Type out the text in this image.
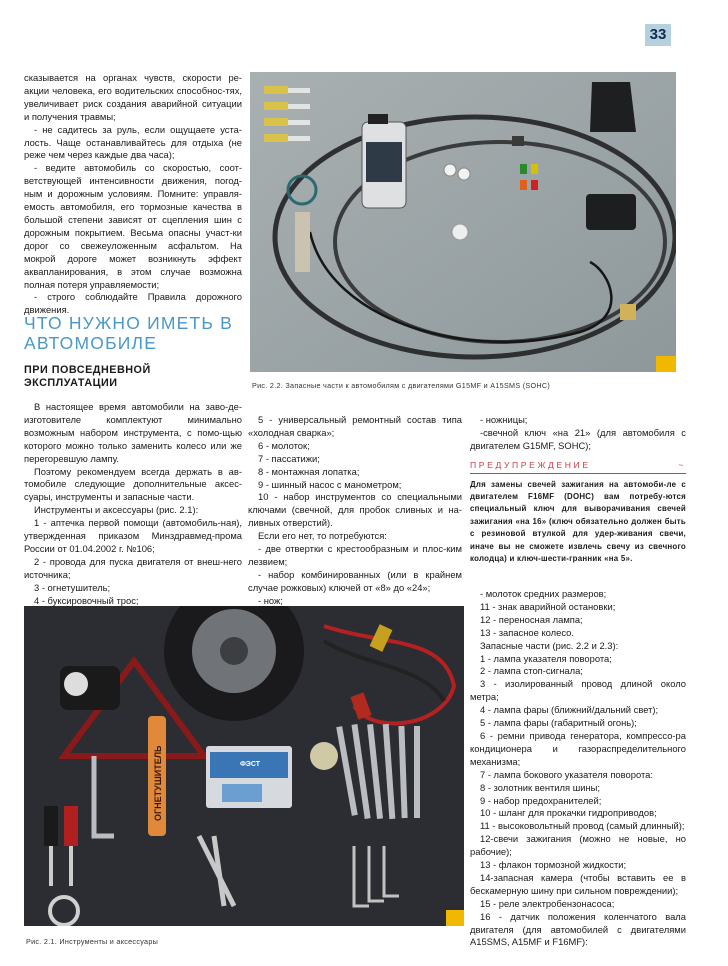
33

сказывается на органах чувств, скорости ре-акции человека, его водительских способнос-тях, увеличивает риск создания аварийной ситуации и получения травмы;

- не садитесь за руль, если ощущаете уста-лость. Чаще останавливайтесь для отдыха (не реже чем через каждые два часа);

- ведите автомобиль со скоростью, соот-ветствующей интенсивности движения, погод-ным и дорожным условиям. Помните: управля-емость автомобиля, его тормозные качества в большой степени зависят от сцепления шин с дорожным покрытием. Весьма опасны участ-ки дорог со свежеуложенным асфальтом. На мокрой дороге может возникнуть эффект аквапланирования, в этом случае возможна полная потеря управляемости;

- строго соблюдайте Правила дорожного движения.

ЧТО НУЖНО ИМЕТЬ В АВТОМОБИЛЕ
ПРИ ПОВСЕДНЕВНОЙ ЭКСПЛУАТАЦИИ

В настоящее время автомобили на заво-де-изготовителе комплектуют минимально возможным набором инструмента, с помо-щью которого можно только заменить колесо или же перегоревшую лампу.

Поэтому рекомендуем всегда держать в ав-томобиле следующие дополнительные аксес-суары, инструменты и запасные части.

Инструменты и аксессуары (рис. 2.1):

1 - аптечка первой помощи (автомобиль-ная), утвержденная приказом Минздравмед-прома России от 01.04.2002 г. №106;

2 - провода для пуска двигателя от внеш-него источника;

3 - огнетушитель;

4 - буксировочный трос;

5 - универсальный ремонтный состав типа «холодная сварка»;

6 - молоток;

7 - пассатижи;

8 - монтажная лопатка;

9 - шинный насос с манометром;

10 - набор инструментов со специальными ключами (свечной, для пробок сливных и на-ливных отверстий).

Если его нет, то потребуются:

- две отвертки с крестообразным и плос-ким лезвием;

- набор комбинированных (или в крайнем случае рожковых) ключей от «8» до «24»;

- нож;

- ножницы;

-свечной ключ «на 21» (для автомобиля с двигателем G15MF, SOHC);

ПРЕДУПРЕЖДЕНИЕ	~
Для замены свечей зажигания на автомоби-ле с двигателем F16MF (DOHC) вам потребу-ются специальный ключ для выворачивания свечей зажигания «на 16» (ключ обязательно должен быть с резиновой втулкой для удер-живания свечи, иначе вы не сможете извлечь свечу из свечного колодца) и ключ-шести-гранник «на 5».

- молоток средних размеров;

11 - знак аварийной остановки;

12 - переносная лампа;

13 - запасное колесо.

Запасные части (рис. 2.2 и 2.3):

1 - лампа указателя поворота;

2 - лампа стоп-сигнала;

3 - изолированный провод длиной около метра;

4 - лампа фары (ближний/дальний свет);

5 - лампа фары (габаритный огонь);

6 - ремни привода генератора, компрессо-ра кондиционера и газораспределительного механизма;

7 - лампа бокового указателя поворота:

8 - золотник вентиля шины;

9 - набор предохранителей;

10 - шланг для прокачки гидроприводов;

11 - высоковольтный провод (самый длинный);

12-свечи зажигания (можно не новые, но рабочие);

13 - флакон тормозной жидкости;

14-запасная камера (чтобы вставить ее в бескамерную шину при сильном повреждении);

15 - реле электробензонасоса;

16 - датчик положения коленчатого вала двигателя (для автомобилей с двигателями A15SMS, A15MF и F16MF):

Рис. 2.2. Запасные части к автомобилям с двигателями G15MF и A15SMS (SOHC)
ОГНЕТУШИТЕЛЬ	ФЭСТ
Рис. 2.1. Инструменты и аксессуары
